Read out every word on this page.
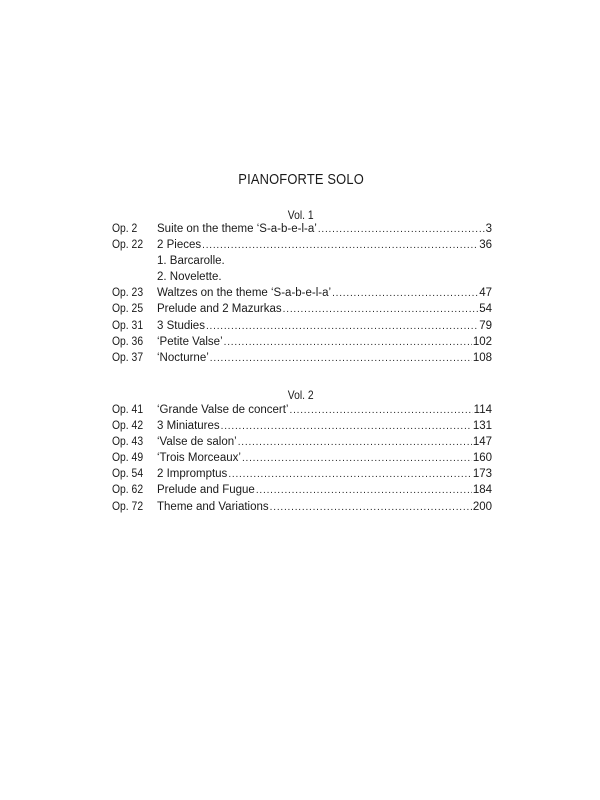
PIANOFORTE SOLO
Vol. 1
Op. 2	Suite on the theme ‘S-a-b-e-l-a’ .....	3
Op. 22	2 Pieces .....	36
1. Barcarolle.
2. Novelette.
Op. 23	Waltzes on the theme ‘S-a-b-e-l-a’ .....	47
Op. 25	Prelude and 2 Mazurkas .....	54
Op. 31	3 Studies .....	79
Op. 36	‘Petite Valse’ .....	102
Op. 37	‘Nocturne’ .....	108
Vol. 2
Op. 41	‘Grande Valse de concert’ .....	114
Op. 42	3 Miniatures .....	131
Op. 43	‘Valse de salon’ .....	147
Op. 49	‘Trois Morceaux’ .....	160
Op. 54	2 Impromptus .....	173
Op. 62	Prelude and Fugue .....	184
Op. 72	Theme and Variations .....	200
